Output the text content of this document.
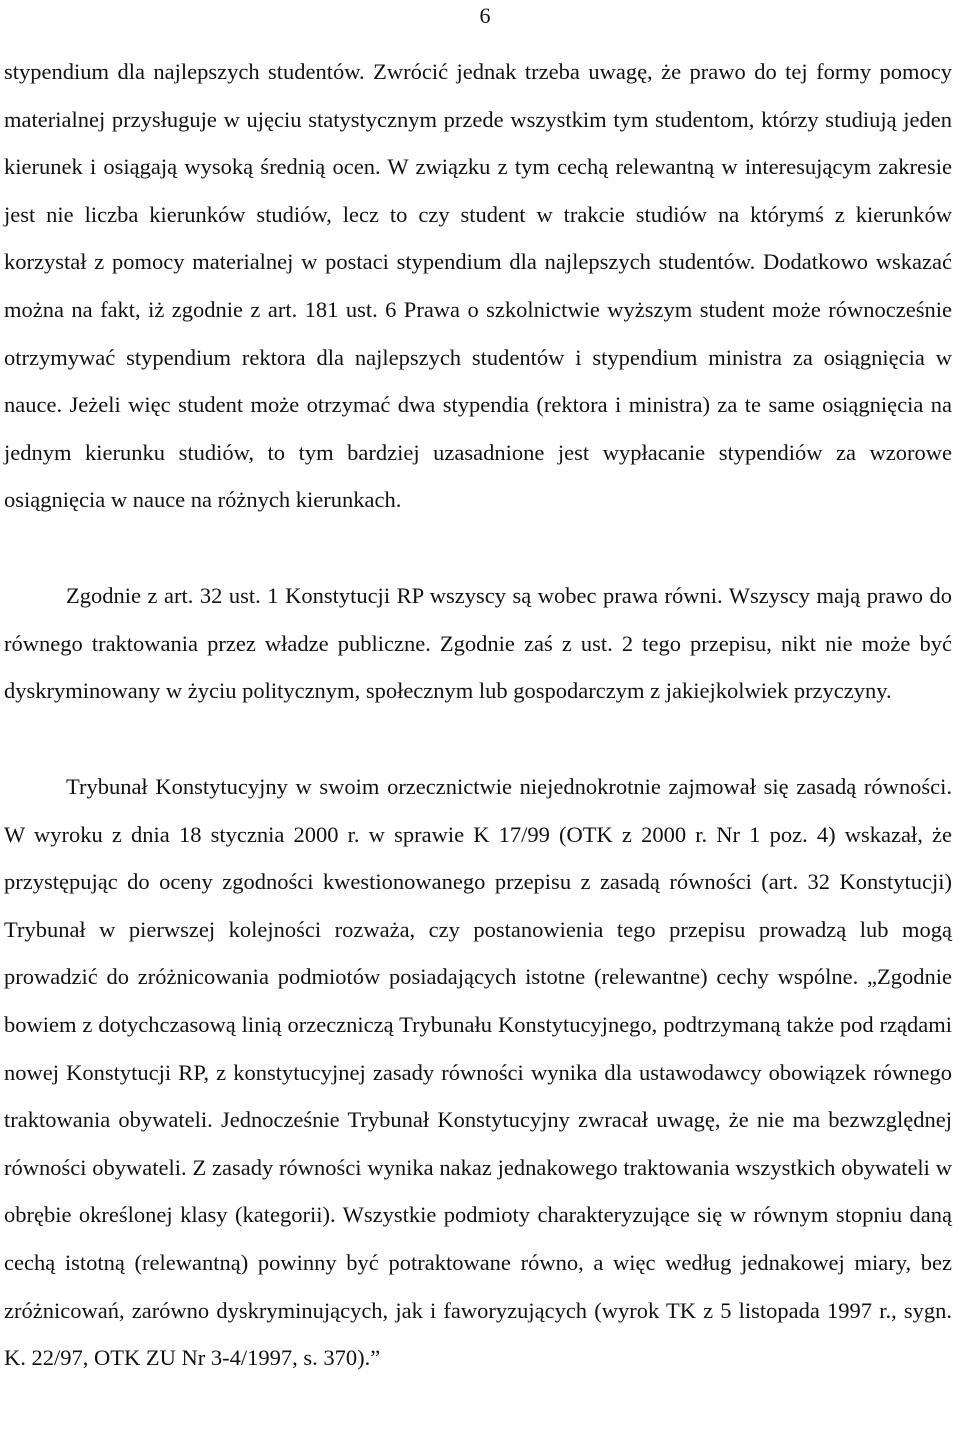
6

stypendium dla najlepszych studentów. Zwrócić jednak trzeba uwagę, że prawo do tej formy pomocy materialnej przysługuje w ujęciu statystycznym przede wszystkim tym studentom, którzy studiują jeden kierunek i osiągają wysoką średnią ocen. W związku z tym cechą relewantną w interesującym zakresie jest nie liczba kierunków studiów, lecz to czy student w trakcie studiów na którymś z kierunków korzystał z pomocy materialnej w postaci stypendium dla najlepszych studentów. Dodatkowo wskazać można na fakt, iż zgodnie z art. 181 ust. 6 Prawa o szkolnictwie wyższym student może równocześnie otrzymywać stypendium rektora dla najlepszych studentów i stypendium ministra za osiągnięcia w nauce. Jeżeli więc student może otrzymać dwa stypendia (rektora i ministra) za te same osiągnięcia na jednym kierunku studiów, to tym bardziej uzasadnione jest wypłacanie stypendiów za wzorowe osiągnięcia w nauce na różnych kierunkach.

Zgodnie z art. 32 ust. 1 Konstytucji RP wszyscy są wobec prawa równi. Wszyscy mają prawo do równego traktowania przez władze publiczne. Zgodnie zaś z ust. 2 tego przepisu, nikt nie może być dyskryminowany w życiu politycznym, społecznym lub gospodarczym z jakiejkolwiek przyczyny.

Trybunał Konstytucyjny w swoim orzecznictwie niejednokrotnie zajmował się zasadą równości. W wyroku z dnia 18 stycznia 2000 r. w sprawie K 17/99 (OTK z 2000 r. Nr 1 poz. 4) wskazał, że przystępując do oceny zgodności kwestionowanego przepisu z zasadą równości (art. 32 Konstytucji) Trybunał w pierwszej kolejności rozważa, czy postanowienia tego przepisu prowadzą lub mogą prowadzić do zróżnicowania podmiotów posiadających istotne (relewantne) cechy wspólne. „Zgodnie bowiem z dotychczasową linią orzeczniczą Trybunału Konstytucyjnego, podtrzymaną także pod rządami nowej Konstytucji RP, z konstytucyjnej zasady równości wynika dla ustawodawcy obowiązek równego traktowania obywateli. Jednocześnie Trybunał Konstytucyjny zwracał uwagę, że nie ma bezwzględnej równości obywateli. Z zasady równości wynika nakaz jednakowego traktowania wszystkich obywateli w obrębie określonej klasy (kategorii). Wszystkie podmioty charakteryzujące się w równym stopniu daną cechą istotną (relewantną) powinny być potraktowane równo, a więc według jednakowej miary, bez zróżnicowań, zarówno dyskryminujących, jak i faworyzujących (wyrok TK z 5 listopada 1997 r., sygn. K. 22/97, OTK ZU Nr 3-4/1997, s. 370).”
